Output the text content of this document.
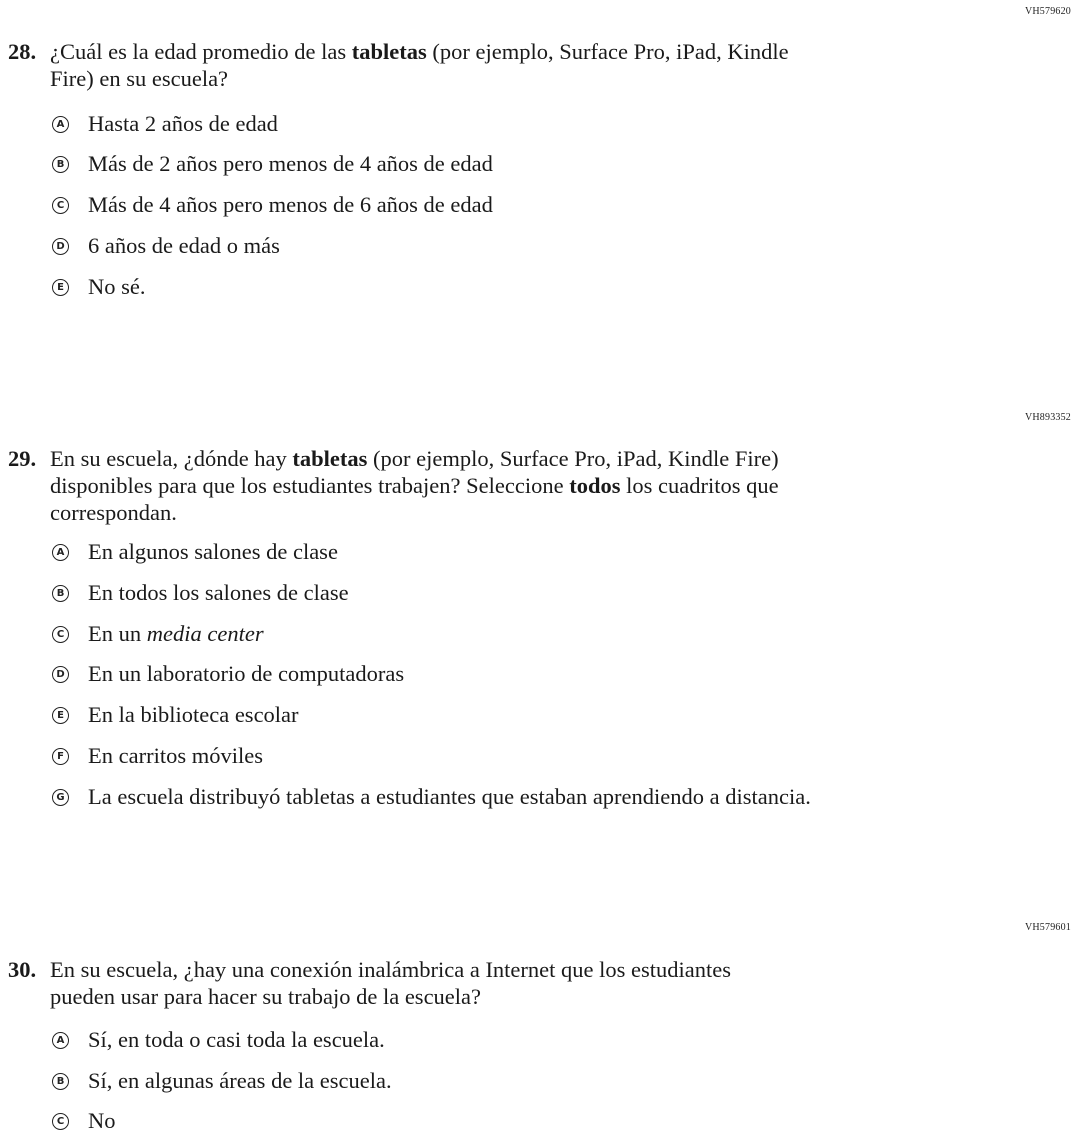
VH579620
28. ¿Cuál es la edad promedio de las tabletas (por ejemplo, Surface Pro, iPad, Kindle
Fire) en su escuela?
A Hasta 2 años de edad
B Más de 2 años pero menos de 4 años de edad
C Más de 4 años pero menos de 6 años de edad
D 6 años de edad o más
E No sé.
VH893352
29. En su escuela, ¿dónde hay tabletas (por ejemplo, Surface Pro, iPad, Kindle Fire)
disponibles para que los estudiantes trabajen? Seleccione todos los cuadritos que
correspondan.
A En algunos salones de clase
B En todos los salones de clase
C En un media center
D En un laboratorio de computadoras
E En la biblioteca escolar
F En carritos móviles
G La escuela distribuyó tabletas a estudiantes que estaban aprendiendo a distancia.
VH579601
30. En su escuela, ¿hay una conexión inalámbrica a Internet que los estudiantes
pueden usar para hacer su trabajo de la escuela?
A Sí, en toda o casi toda la escuela.
B Sí, en algunas áreas de la escuela.
C No
